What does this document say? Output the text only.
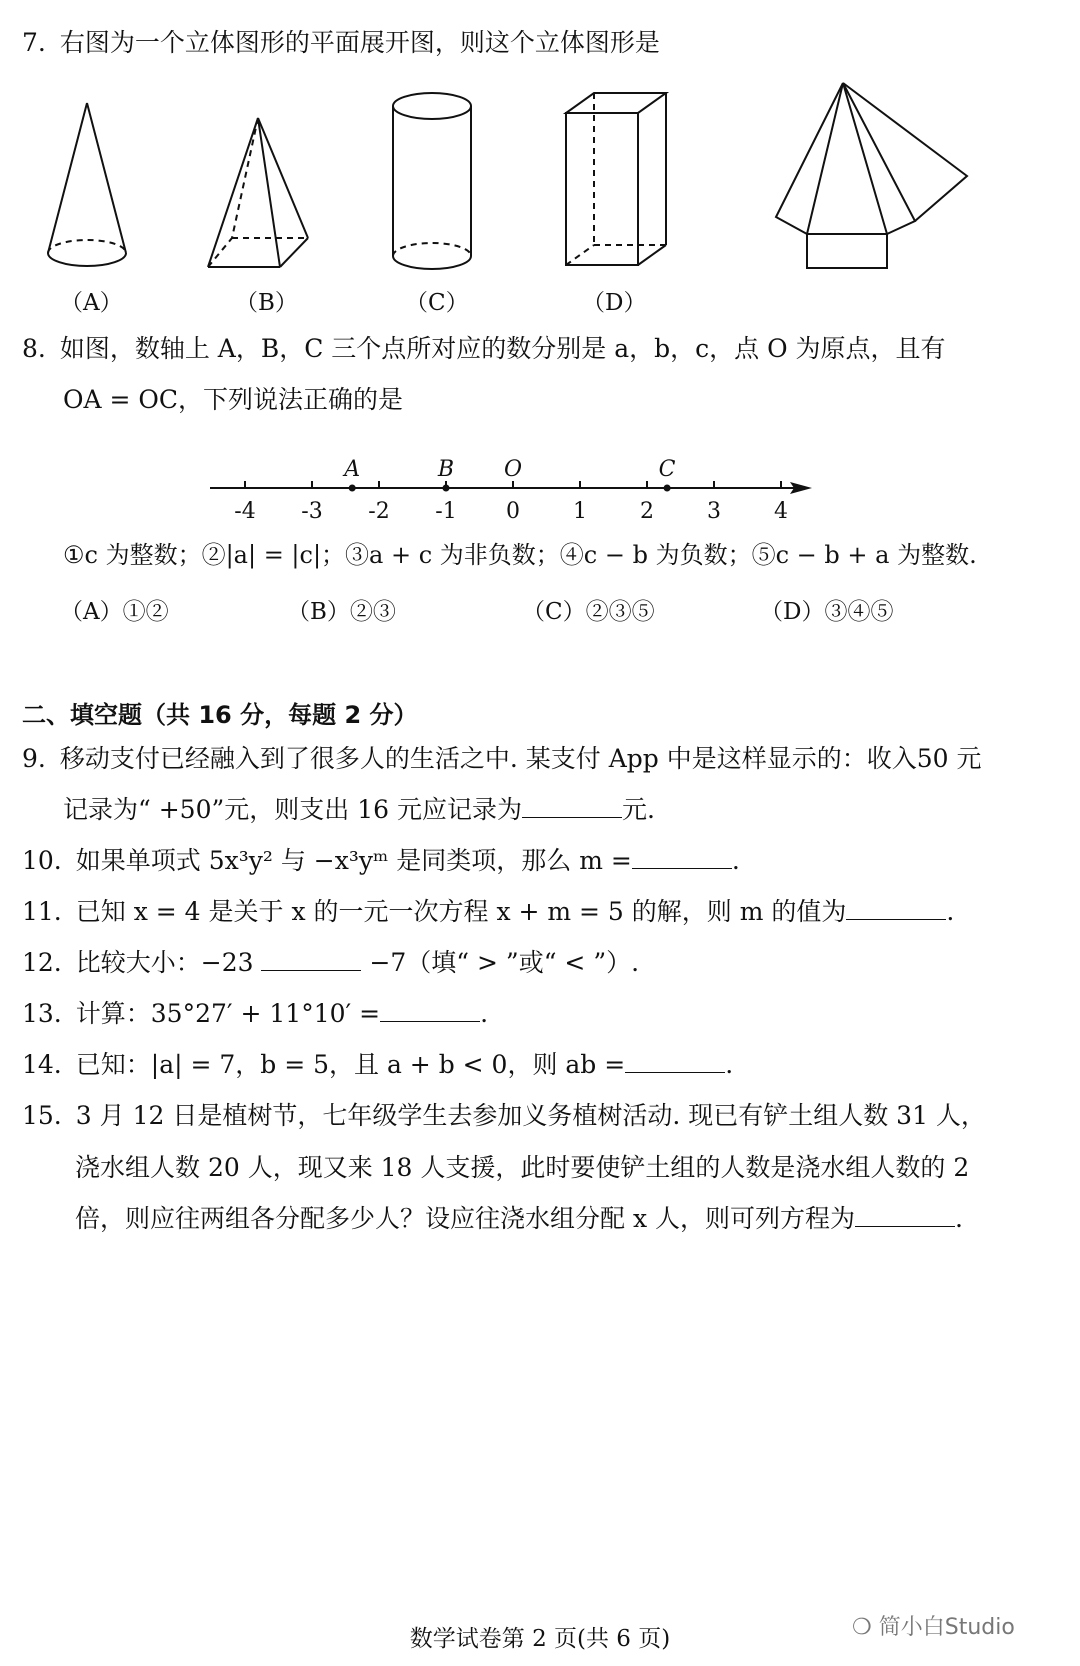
7. 右图为一个立体图形的平面展开图，则这个立体图形是
（A）	（B）	（C）	（D）
8. 如图，数轴上 A，B，C 三个点所对应的数分别是 a，b，c，点 O 为原点，且有
OA = OC，下列说法正确的是
-4 -3 -2 -1 0 1 2 3 4
A	B O	C
①c 为整数；②|a| = |c|；③a + c 为非负数；④c − b 为负数；⑤c − b + a 为整数.
（A）①②	（B）②③	（C）②③⑤	（D）③④⑤
二、填空题（共 16 分，每题 2 分）
9. 移动支付已经融入到了很多人的生活之中. 某支付 App 中是这样显示的：收入50 元
记录为“ +50”元，则支出 16 元应记录为	元.
10. 如果单项式 5x³y² 与 −x³yᵐ 是同类项，那么 m =	.
11. 已知 x = 4 是关于 x 的一元一次方程 x + m = 5 的解，则 m 的值为	.
12. 比较大小：−23	−7（填“ > ”或“ < ”）.
13. 计算：35°27′ + 11°10′ =	.
14. 已知：|a| = 7，b = 5，且 a + b < 0，则 ab =	.
15. 3 月 12 日是植树节，七年级学生去参加义务植树活动. 现已有铲土组人数 31 人，
浇水组人数 20 人，现又来 18 人支援，此时要使铲土组的人数是浇水组人数的 2
倍，则应往两组各分配多少人？设应往浇水组分配 x 人，则可列方程为	.
数学试卷第 2 页(共 6 页)	❍ 简小白Studio
